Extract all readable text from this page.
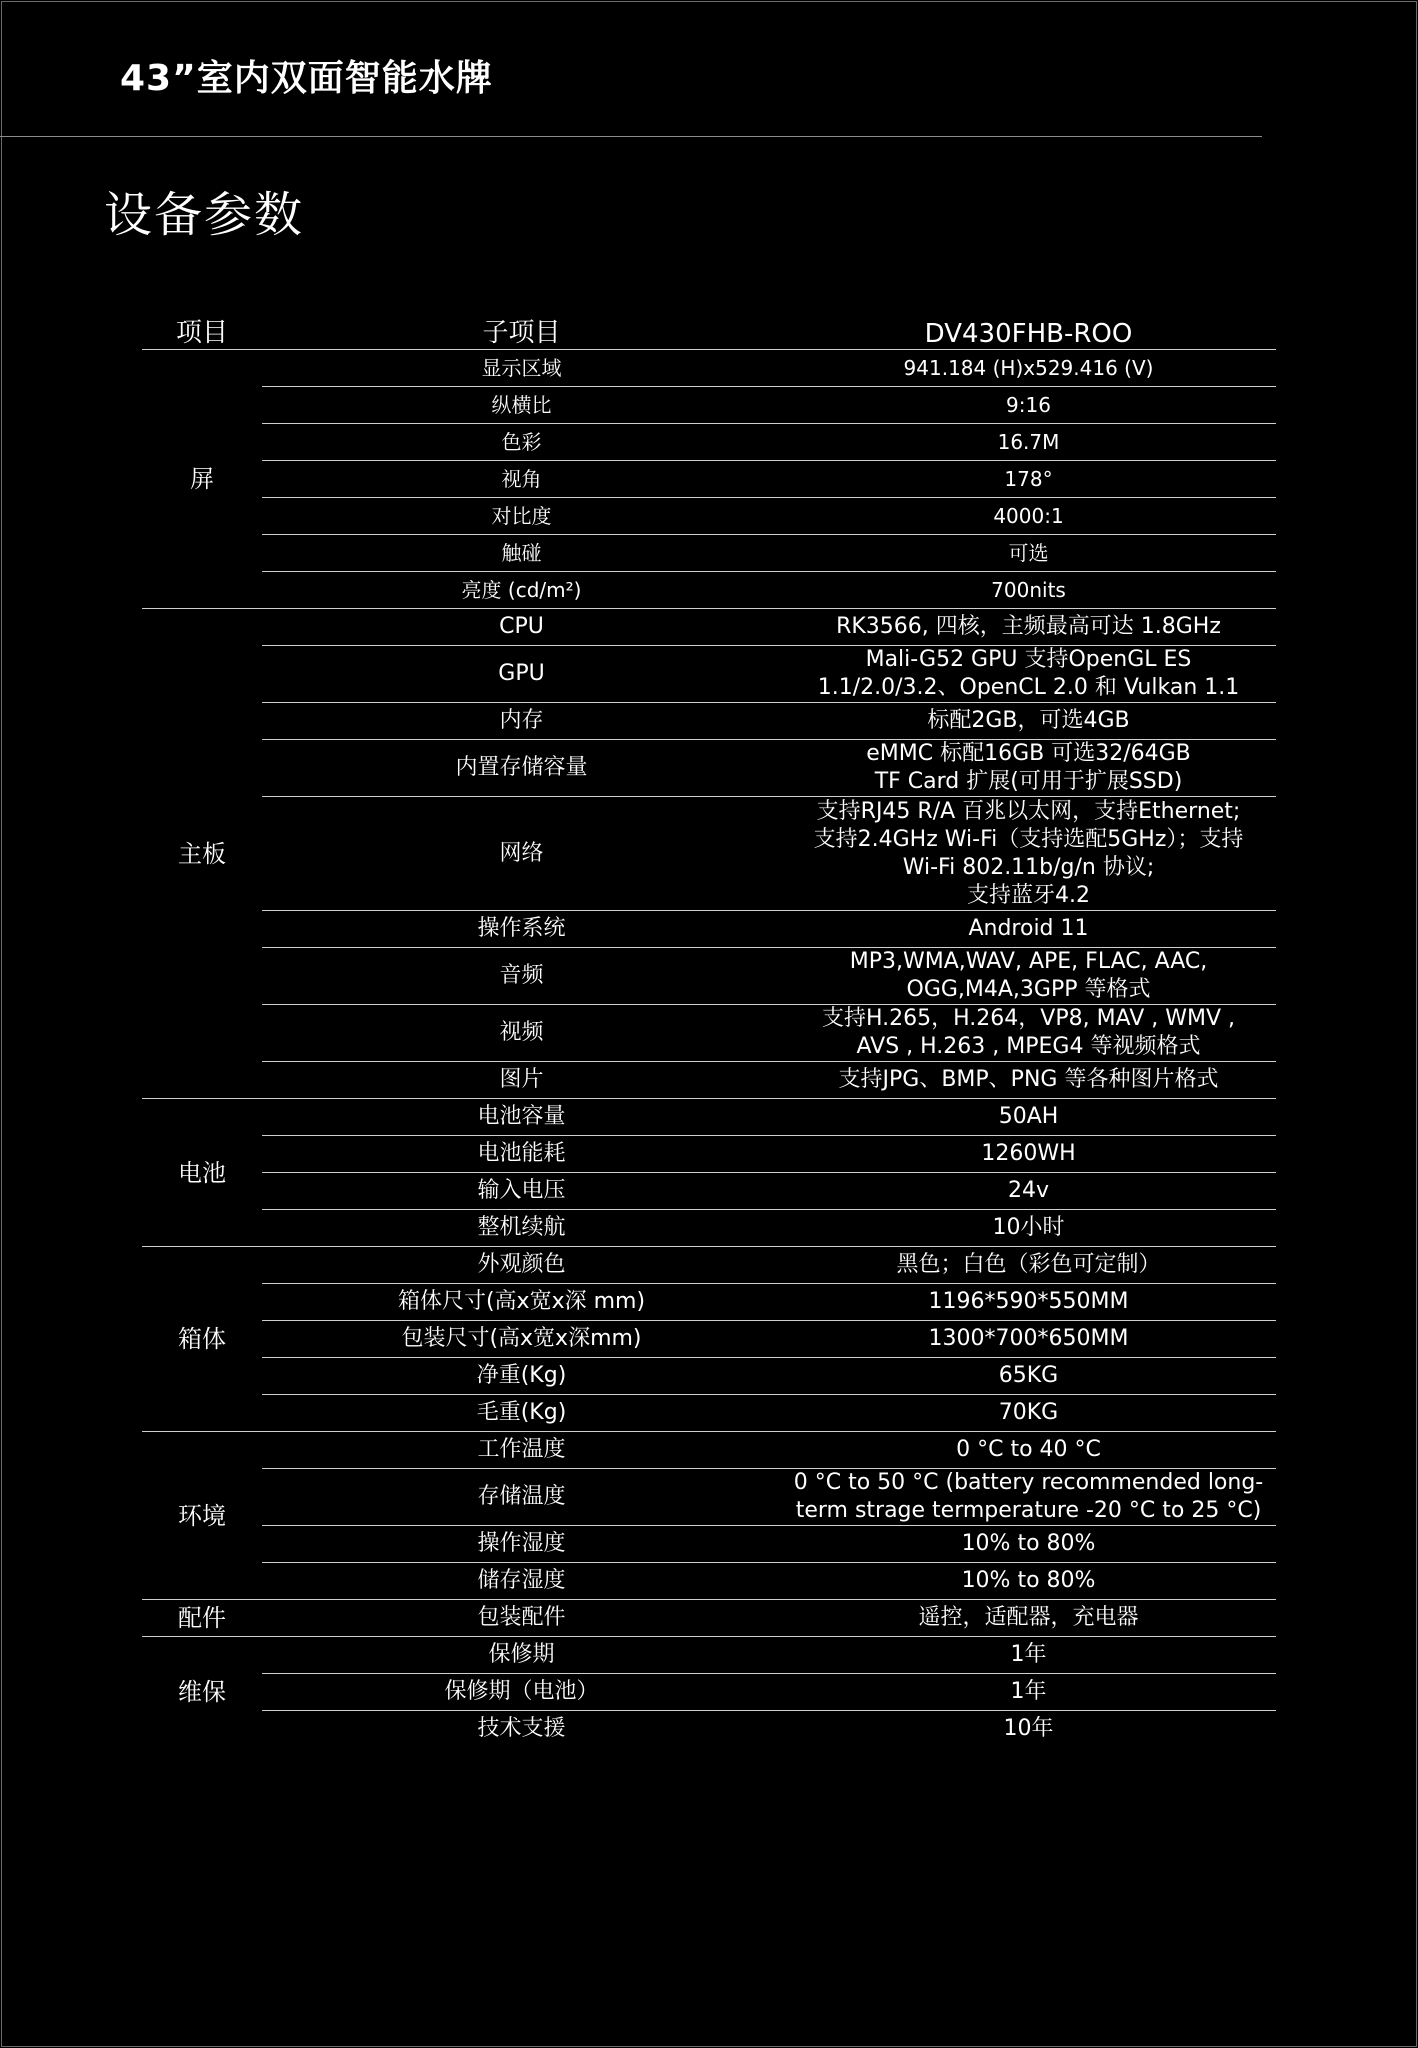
43”室内双面智能水牌
设备参数
项目	子项目	DV430FHB-ROO
屏	显示区域	941.184 (H)x529.416 (V)
	纵横比	9:16
	色彩	16.7M
	视角	178°
	对比度	4000:1
	触碰	可选
	亮度 (cd/m²)	700nits
主板	CPU	RK3566, 四核，主频最高可达 1.8GHz
	GPU	Mali-G52 GPU 支持OpenGL ES
1.1/2.0/3.2、OpenCL 2.0 和 Vulkan 1.1
	内存	标配2GB，可选4GB
	内置存储容量	eMMC 标配16GB 可选32/64GB
TF Card 扩展(可用于扩展SSD)
	网络	支持RJ45 R/A 百兆以太网，支持Ethernet;
支持2.4GHz Wi-Fi（支持选配5GHz）；支持
Wi-Fi 802.11b/g/n 协议;
支持蓝牙4.2
	操作系统	Android 11
	音频	MP3,WMA,WAV, APE, FLAC, AAC,
OGG,M4A,3GPP 等格式
	视频	支持H.265，H.264，VP8, MAV , WMV ,
AVS , H.263 , MPEG4 等视频格式
	图片	支持JPG、BMP、PNG 等各种图片格式
电池	电池容量	50AH
	电池能耗	1260WH
	输入电压	24v
	整机续航	10小时
箱体	外观颜色	黑色；白色（彩色可定制）
	箱体尺寸(高x宽x深 mm)	1196*590*550MM
	包装尺寸(高x宽x深mm)	1300*700*650MM
	净重(Kg)	65KG
	毛重(Kg)	70KG
环境	工作温度	0 °C to 40 °C
	存储温度	0 °C to 50 °C (battery recommended long-
term strage termperature -20 °C to 25 °C)
	操作湿度	10% to 80%
	储存湿度	10% to 80%
配件	包装配件	遥控，适配器，充电器
维保	保修期	1年
	保修期（电池）	1年
	技术支援	10年
